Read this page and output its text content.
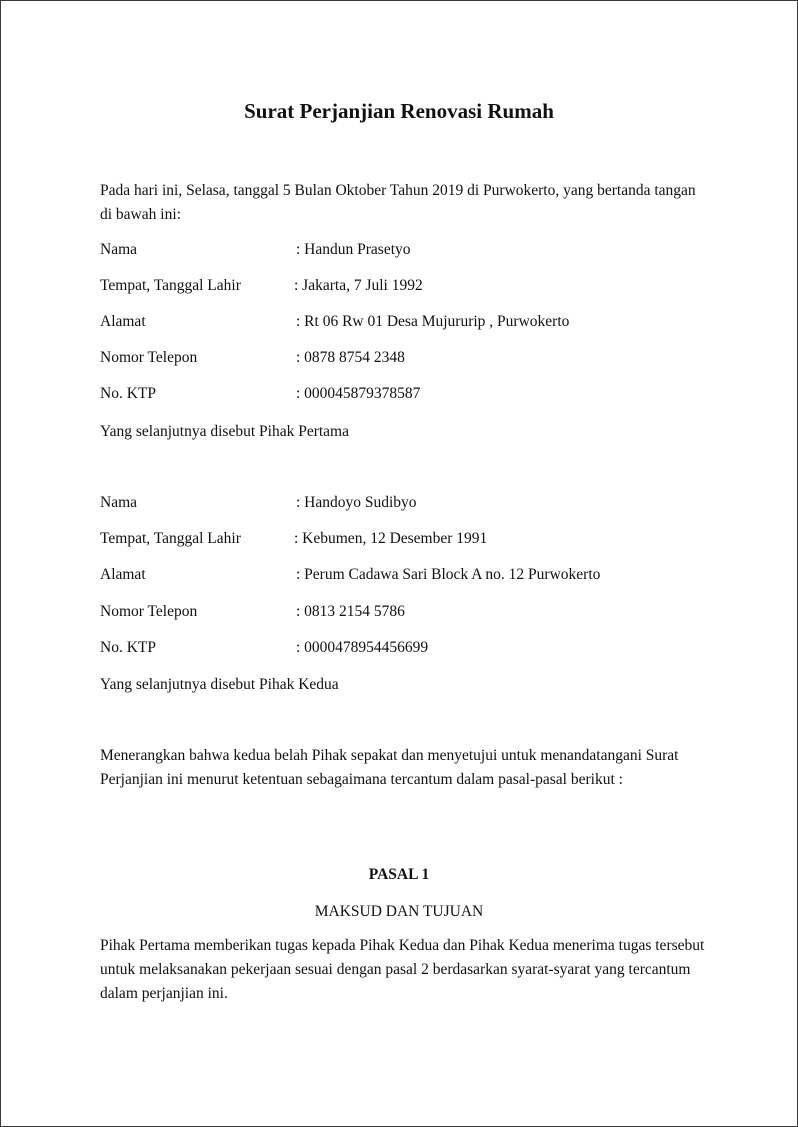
Surat Perjanjian Renovasi Rumah
Pada hari ini, Selasa, tanggal 5 Bulan Oktober Tahun 2019 di Purwokerto, yang bertanda tangan di bawah ini:
Nama	: Handun Prasetyo
Tempat, Tanggal Lahir	: Jakarta, 7 Juli 1992
Alamat	: Rt 06 Rw 01 Desa Mujururip , Purwokerto
Nomor Telepon	: 0878 8754 2348
No. KTP	: 000045879378587
Yang selanjutnya disebut Pihak Pertama
Nama	: Handoyo Sudibyo
Tempat, Tanggal Lahir	: Kebumen, 12 Desember 1991
Alamat	: Perum Cadawa Sari Block A no. 12 Purwokerto
Nomor Telepon	: 0813 2154 5786
No. KTP	: 0000478954456699
Yang selanjutnya disebut Pihak Kedua
Menerangkan bahwa kedua belah Pihak sepakat dan menyetujui untuk menandatangani Surat Perjanjian ini menurut ketentuan sebagaimana tercantum dalam pasal-pasal berikut :
PASAL 1
MAKSUD DAN TUJUAN
Pihak Pertama memberikan tugas kepada Pihak Kedua dan Pihak Kedua menerima tugas tersebut untuk melaksanakan pekerjaan sesuai dengan pasal 2 berdasarkan syarat-syarat yang tercantum dalam perjanjian ini.
